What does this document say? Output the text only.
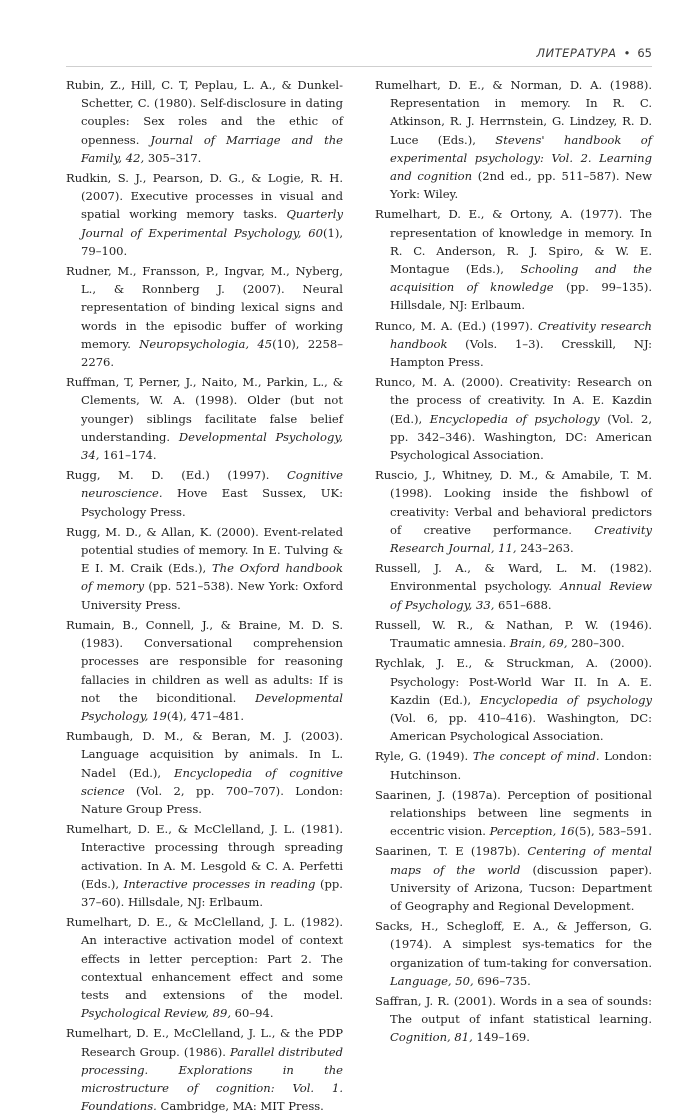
ЛИТЕРАТУРА • 65

Rubin, Z., Hill, C. T, Peplau, L. A., & Dunkel-Schetter, C. (1980). Self-disclosure in dating couples: Sex roles and the ethic of openness. Journal of Marriage and the Family, 42, 305–317.

Rudkin, S. J., Pearson, D. G., & Logie, R. H. (2007). Executive processes in visual and spatial working memory tasks. Quarterly Journal of Experimental Psychology, 60(1), 79–100.

Rudner, M., Fransson, P., Ingvar, M., Nyberg, L., & Ronnberg J. (2007). Neural representation of binding lexical signs and words in the episodic buffer of working memory. Neuropsychologia, 45(10), 2258–2276.

Ruffman, T, Perner, J., Naito, M., Parkin, L., & Clements, W. A. (1998). Older (but not younger) siblings facilitate false belief understanding. Developmental Psychology, 34, 161–174.

Rugg, M. D. (Ed.) (1997). Cognitive neuroscience. Hove East Sussex, UK: Psychology Press.

Rugg, M. D., & Allan, K. (2000). Event-related potential studies of memory. In E. Tulving & E I. M. Craik (Eds.), The Oxford handbook of memory (pp. 521–538). New York: Oxford University Press.

Rumain, B., Connell, J., & Braine, M. D. S. (1983). Conversational comprehension processes are responsible for reasoning fallacies in children as well as adults: If is not the biconditional. Developmental Psychology, 19(4), 471–481.

Rumbaugh, D. M., & Beran, M. J. (2003). Language acquisition by animals. In L. Nadel (Ed.), Encyclopedia of cognitive science (Vol. 2, pp. 700–707). London: Nature Group Press.

Rumelhart, D. E., & McClelland, J. L. (1981). Interactive processing through spreading activation. In A. M. Lesgold & C. A. Perfetti (Eds.), Interactive processes in reading (pp. 37–60). Hillsdale, NJ: Erlbaum.

Rumelhart, D. E., & McClelland, J. L. (1982). An interactive activation model of context effects in letter perception: Part 2. The contextual enhancement effect and some tests and extensions of the model. Psychological Review, 89, 60–94.

Rumelhart, D. E., McClelland, J. L., & the PDP Research Group. (1986). Parallel distributed processing. Explorations in the microstructure of cognition: Vol. 1. Foundations. Cambridge, MA: MIT Press.

Rumelhart, D. E., & Norman, D. A. (1988). Representation in memory. In R. C. Atkinson, R. J. Herrnstein, G. Lindzey, R. D. Luce (Eds.), Stevens' handbook of experimental psychology: Vol. 2. Learning and cognition (2nd ed., pp. 511–587). New York: Wiley.

Rumelhart, D. E., & Ortony, A. (1977). The representation of knowledge in memory. In R. C. Anderson, R. J. Spiro, & W. E. Montague (Eds.), Schooling and the acquisition of knowledge (pp. 99–135). Hillsdale, NJ: Erlbaum.

Runco, M. A. (Ed.) (1997). Creativity research handbook (Vols. 1–3). Cresskill, NJ: Hampton Press.

Runco, M. A. (2000). Creativity: Research on the process of creativity. In A. E. Kazdin (Ed.), Encyclopedia of psychology (Vol. 2, pp. 342–346). Washington, DC: American Psychological Association.

Ruscio, J., Whitney, D. M., & Amabile, T. M. (1998). Looking inside the fishbowl of creativity: Verbal and behavioral predictors of creative performance. Creativity Research Journal, 11, 243–263.

Russell, J. A., & Ward, L. M. (1982). Environmental psychology. Annual Review of Psychology, 33, 651–688.

Russell, W. R., & Nathan, P. W. (1946). Traumatic amnesia. Brain, 69, 280–300.

Rychlak, J. E., & Struckman, A. (2000). Psychology: Post-World War II. In A. E. Kazdin (Ed.), Encyclopedia of psychology (Vol. 6, pp. 410–416). Washington, DC: American Psychological Association.

Ryle, G. (1949). The concept of mind. London: Hutchinson.

Saarinen, J. (1987a). Perception of positional relationships between line segments in eccentric vision. Perception, 16(5), 583–591.

Saarinen, T. E (1987b). Centering of mental maps of the world (discussion paper). University of Arizona, Tucson: Department of Geography and Regional Development.

Sacks, H., Schegloff, E. A., & Jefferson, G. (1974). A simplest sys-tematics for the organization of tum-taking for conversation. Language, 50, 696–735.

Saffran, J. R. (2001). Words in a sea of sounds: The output of infant statistical learning. Cognition, 81, 149–169.
